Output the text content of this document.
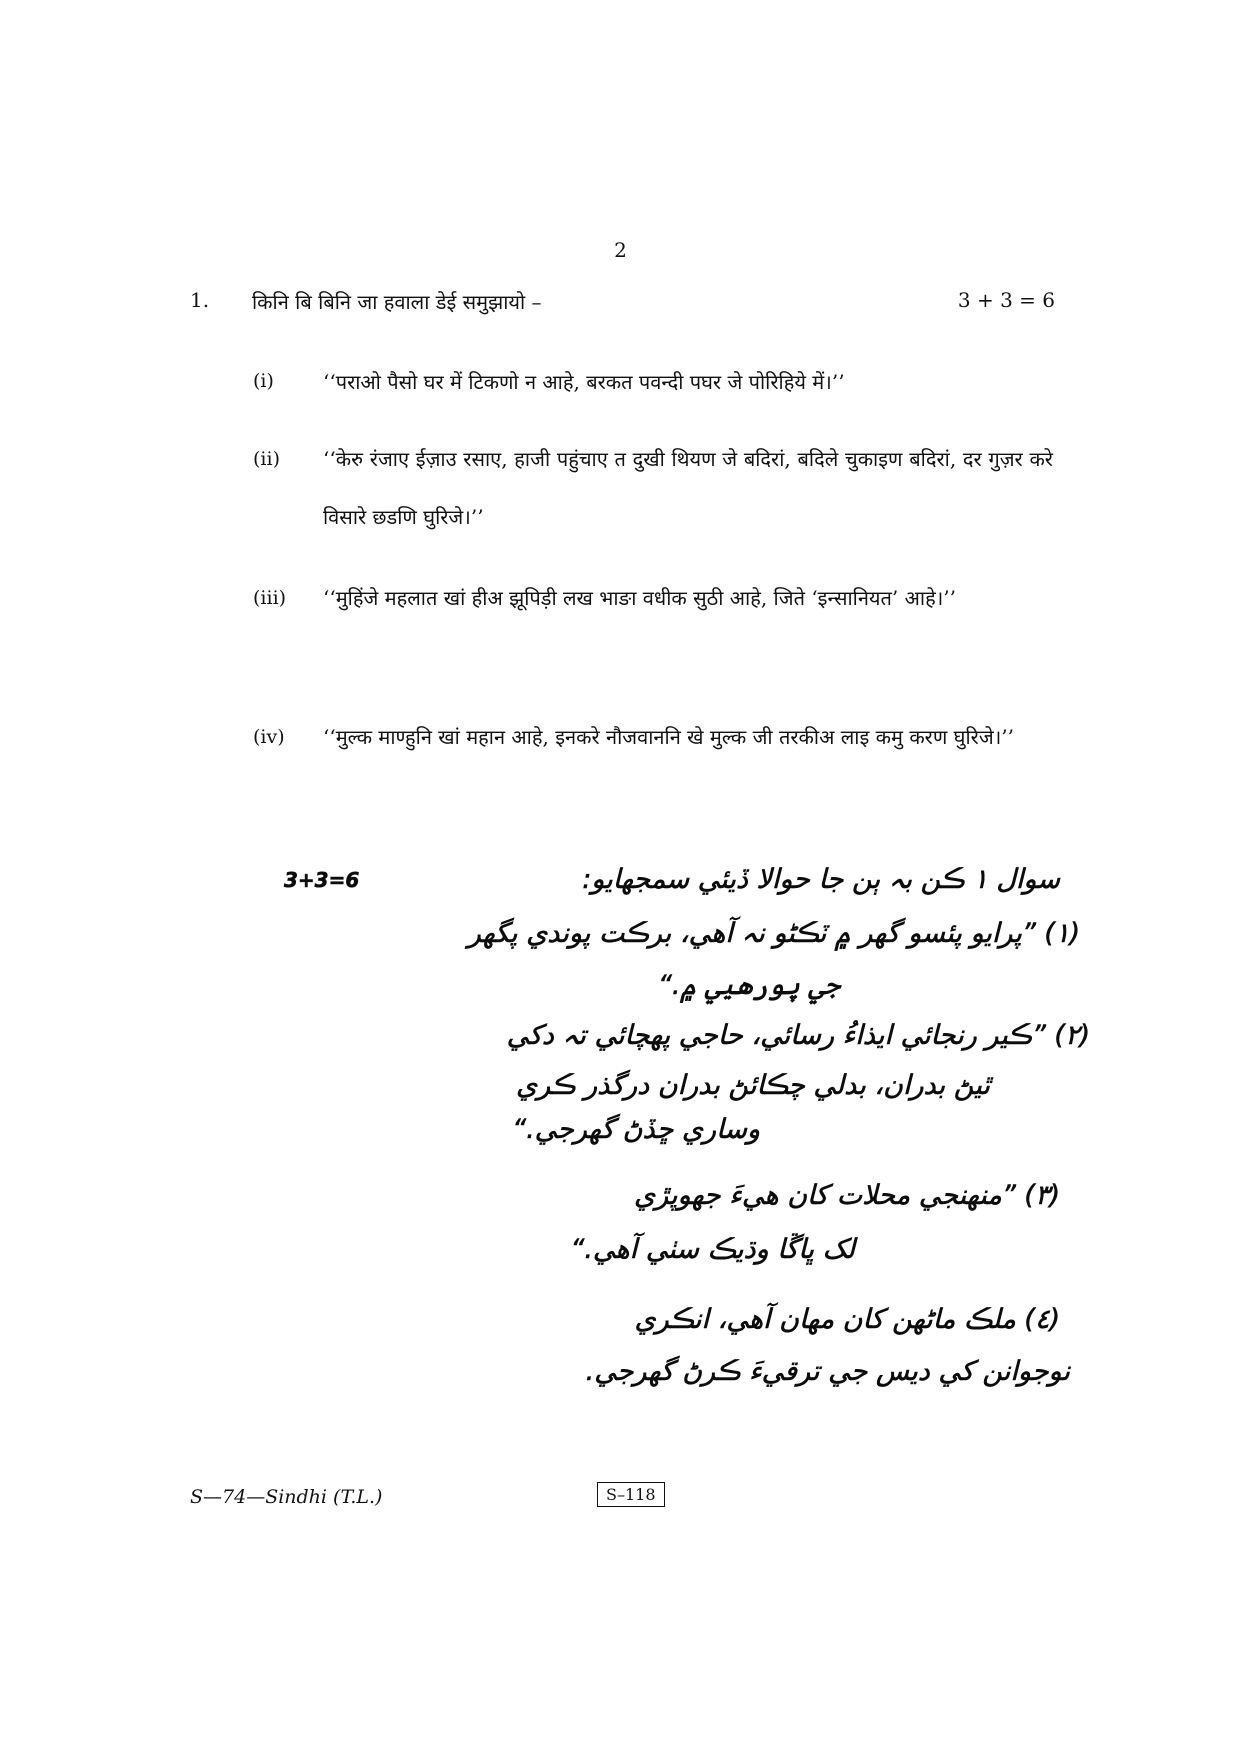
2
1. किनि बि ब‌िनि जा हवाला डेई समुझायो –	3 + 3 = 6
(i) ‘‘पराओ पैसो घर में टिकणो न आहे, बरकत पवन्दी पघर जे पोरिहिये में।’’
(ii) ‘‘केरु रंजाए ईज़ाउ रसाए, हाजी पहुंचाए त दुखी थियण जे बदिरां, बदिले चुकाइण बदिरां, दर गुज़र करे विसारे छडणि घुरिजे।’’
(iii) ‘‘मुहिंजे महलात खां हीअ झूपिड़ी लख भाङा वधीक सुठी आहे, जिते ‘इन्सानियत’ आहे।’’
(iv) ‘‘मुल्क माण्हुनि खां महान आहे, इनकरे नौजवाननि खे मुल्क जी तरकीअ लाइ कमु करण घुरिजे।’’
3+3=6	سوال ١ ڪن بہ ٻن جا حوالا ڏيئي سمجھايو:
(١) ”پرايو پئسو گھر ۾ ٽڪڻو نہ آهي، برڪت پوندي پگھر
جي پورهيي ۾.“
(٢) ”ڪير رنجائي ايذاءُ رسائي، حاجي پهچائي تہ دکي
ٿيڻ بدران، بدلي چڪائڻ بدران درگذر ڪري
وساري ڇڏڻ گھرجي.“
(٣) ”منھنجي محلات کان هيءَ جھوپڙي
لک ڀاڱا وڌيڪ سٺي آهي.“
(٤) ملڪ ماڻھن کان مھان آهي، انڪري
نوجوانن کي ديس جي ترقيءَ ڪرڻ گھرجي.
S—74—Sindhi (T.L.)	S–118
